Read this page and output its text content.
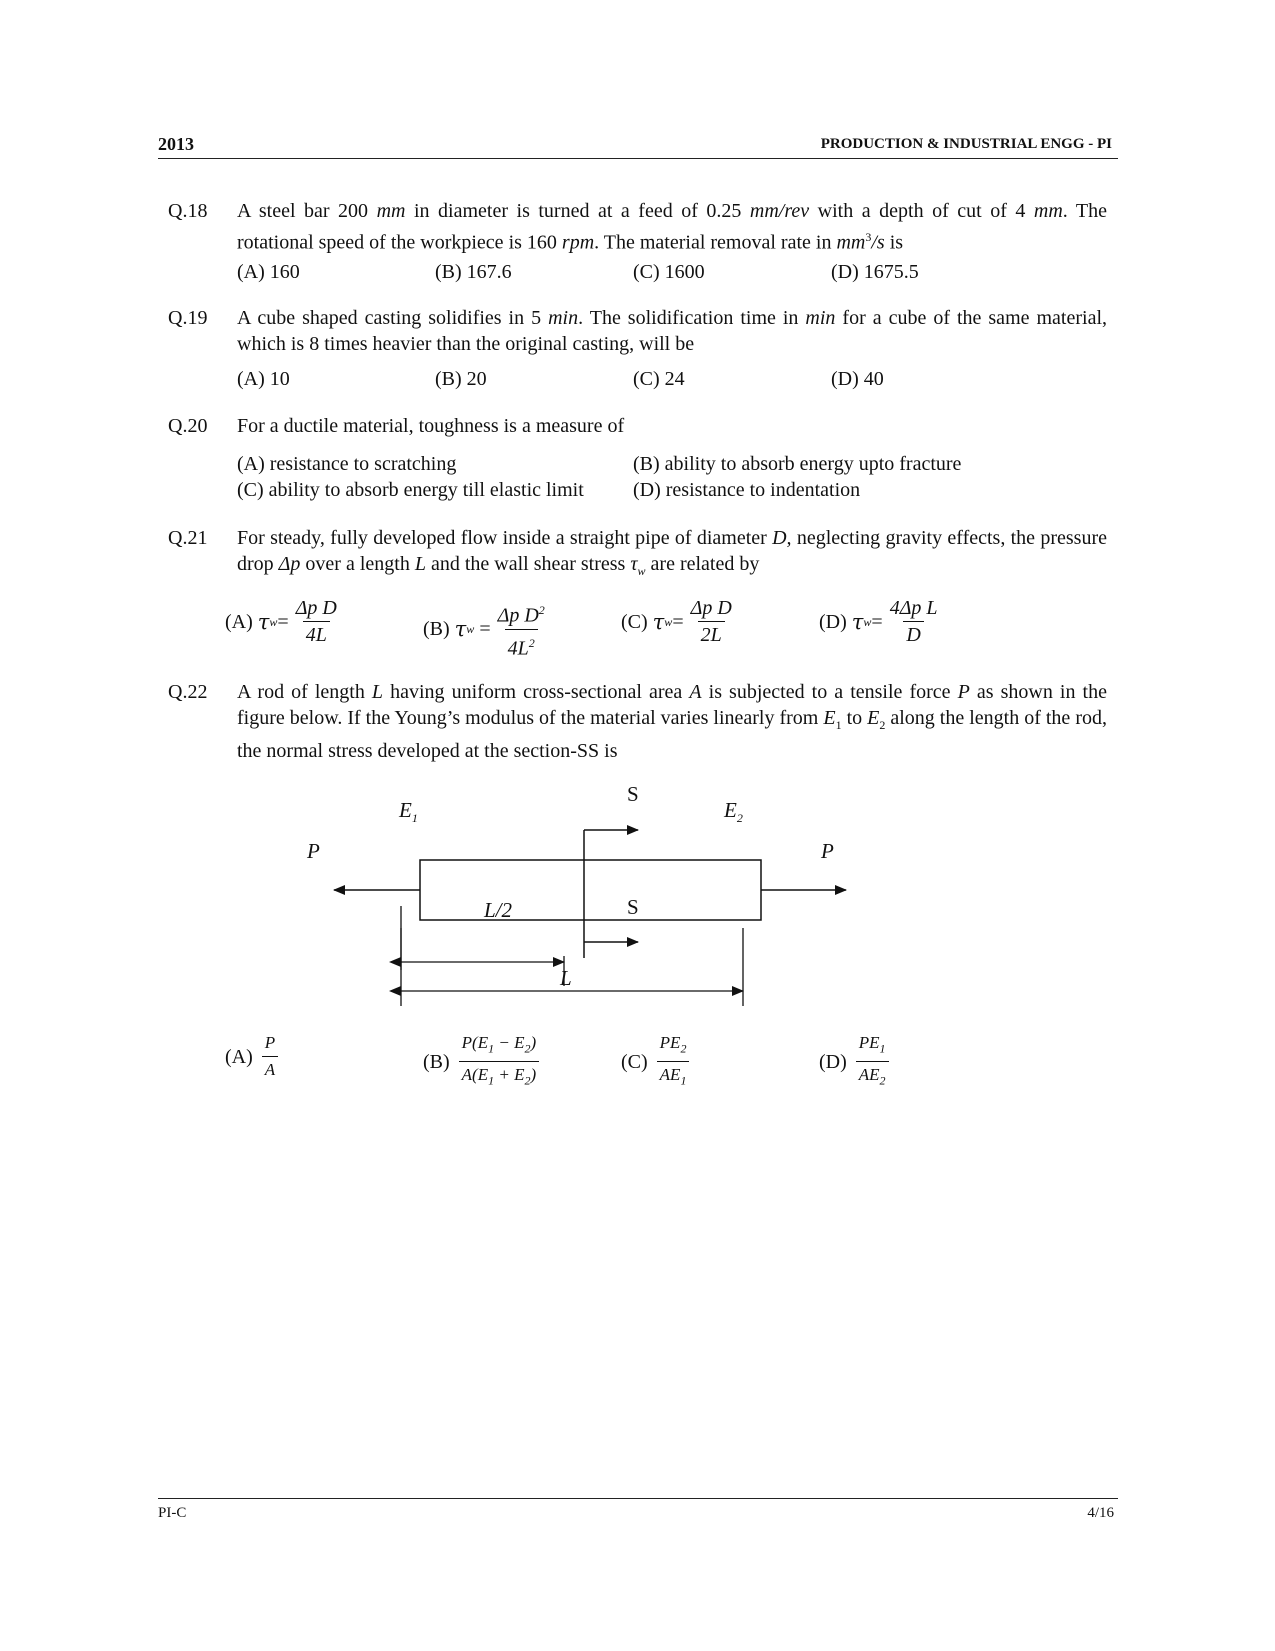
2013	PRODUCTION & INDUSTRIAL ENGG - PI
Q.18 A steel bar 200 mm in diameter is turned at a feed of 0.25 mm/rev with a depth of cut of 4 mm. The rotational speed of the workpiece is 160 rpm. The material removal rate in $mm^3/s$ is
(A) 160	(B) 167.6	(C) 1600	(D) 1675.5
Q.19 A cube shaped casting solidifies in 5 min. The solidification time in min for a cube of the same material, which is 8 times heavier than the original casting, will be
(A) 10	(B) 20	(C) 24	(D) 40
Q.20 For a ductile material, toughness is a measure of
(A) resistance to scratching	(B) ability to absorb energy upto fracture
(C) ability to absorb energy till elastic limit (D) resistance to indentation
Q.21 For steady, fully developed flow inside a straight pipe of diameter D, neglecting gravity effects, the pressure drop Δp over a length L and the wall shear stress $\tau_w$ are related by
(A)
τ $w = \frac{\text{Δp D}}{4L}$	(B)
τ w
= $\frac{\Delta p D^2}{4L^2}$	(C)
τ $w = \frac{\text{Δp D}}{2L}$	(D)
τ $w = \frac{\text{4Δp L}}{D}$
Q.22 A rod of length L having uniform cross-sectional area A is subjected to a tensile force P as shown in the figure below. If the Young’s modulus of the material varies linearly from $E_1$ to $E_2$ along the length of the rod, the normal stress developed at the section-SS is
P	P
$E_1$	$E_2$
S
S
L/2
L
(A)
$\frac{P}{A}$	(B)
$\frac{P(E_1 - E_2)}{A(E_1 + E_2)}$	(C)
$\frac{PE_2}{AE_1}$	(D)
$\frac{PE_1}{AE_2}$
PI-C	4/16
